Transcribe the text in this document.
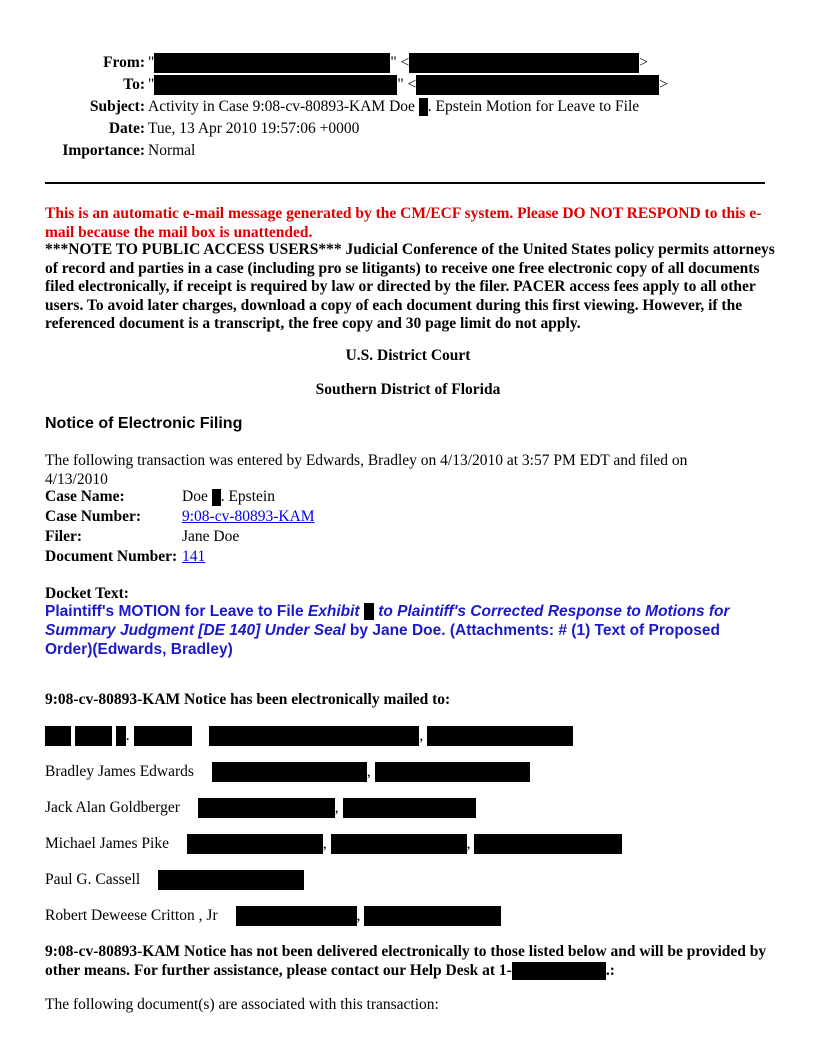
From: "	" <	>
To: "	" <	>
Subject: Activity in Case 9:08-cv-80893-KAM Doe . Epstein Motion for Leave to File
Date: Tue, 13 Apr 2010 19:57:06 +0000
Importance: Normal
This is an automatic e-mail message generated by the CM/ECF system. Please DO NOT RESPOND to this e-mail because the mail box is unattended.
***NOTE TO PUBLIC ACCESS USERS*** Judicial Conference of the United States policy permits attorneys of record and parties in a case (including pro se litigants) to receive one free electronic copy of all documents filed electronically, if receipt is required by law or directed by the filer. PACER access fees apply to all other users. To avoid later charges, download a copy of each document during this first viewing. However, if the referenced document is a transcript, the free copy and 30 page limit do not apply.
U.S. District Court
Southern District of Florida
Notice of Electronic Filing
The following transaction was entered by Edwards, Bradley on 4/13/2010 at 3:57 PM EDT and filed on 4/13/2010
Case Name:	Doe . Epstein
Case Number:	9:08-cv-80893-KAM
Filer:	Jane Doe
Document Number:	141
Docket Text:
Plaintiff's MOTION for Leave to File Exhibit  to Plaintiff's Corrected Response to Motions for Summary Judgment [DE 140] Under Seal by Jane Doe. (Attachments: # (1) Text of Proposed Order)(Edwards, Bradley)
9:08-cv-80893-KAM Notice has been electronically mailed to:
.	,
Bradley James Edwards	,
Jack Alan Goldberger	,
Michael James Pike	,	,
Paul G. Cassell
Robert Deweese Critton , Jr	,
9:08-cv-80893-KAM Notice has not been delivered electronically to those listed below and will be provided by other means. For further assistance, please contact our Help Desk at 1-	.:
The following document(s) are associated with this transaction:
